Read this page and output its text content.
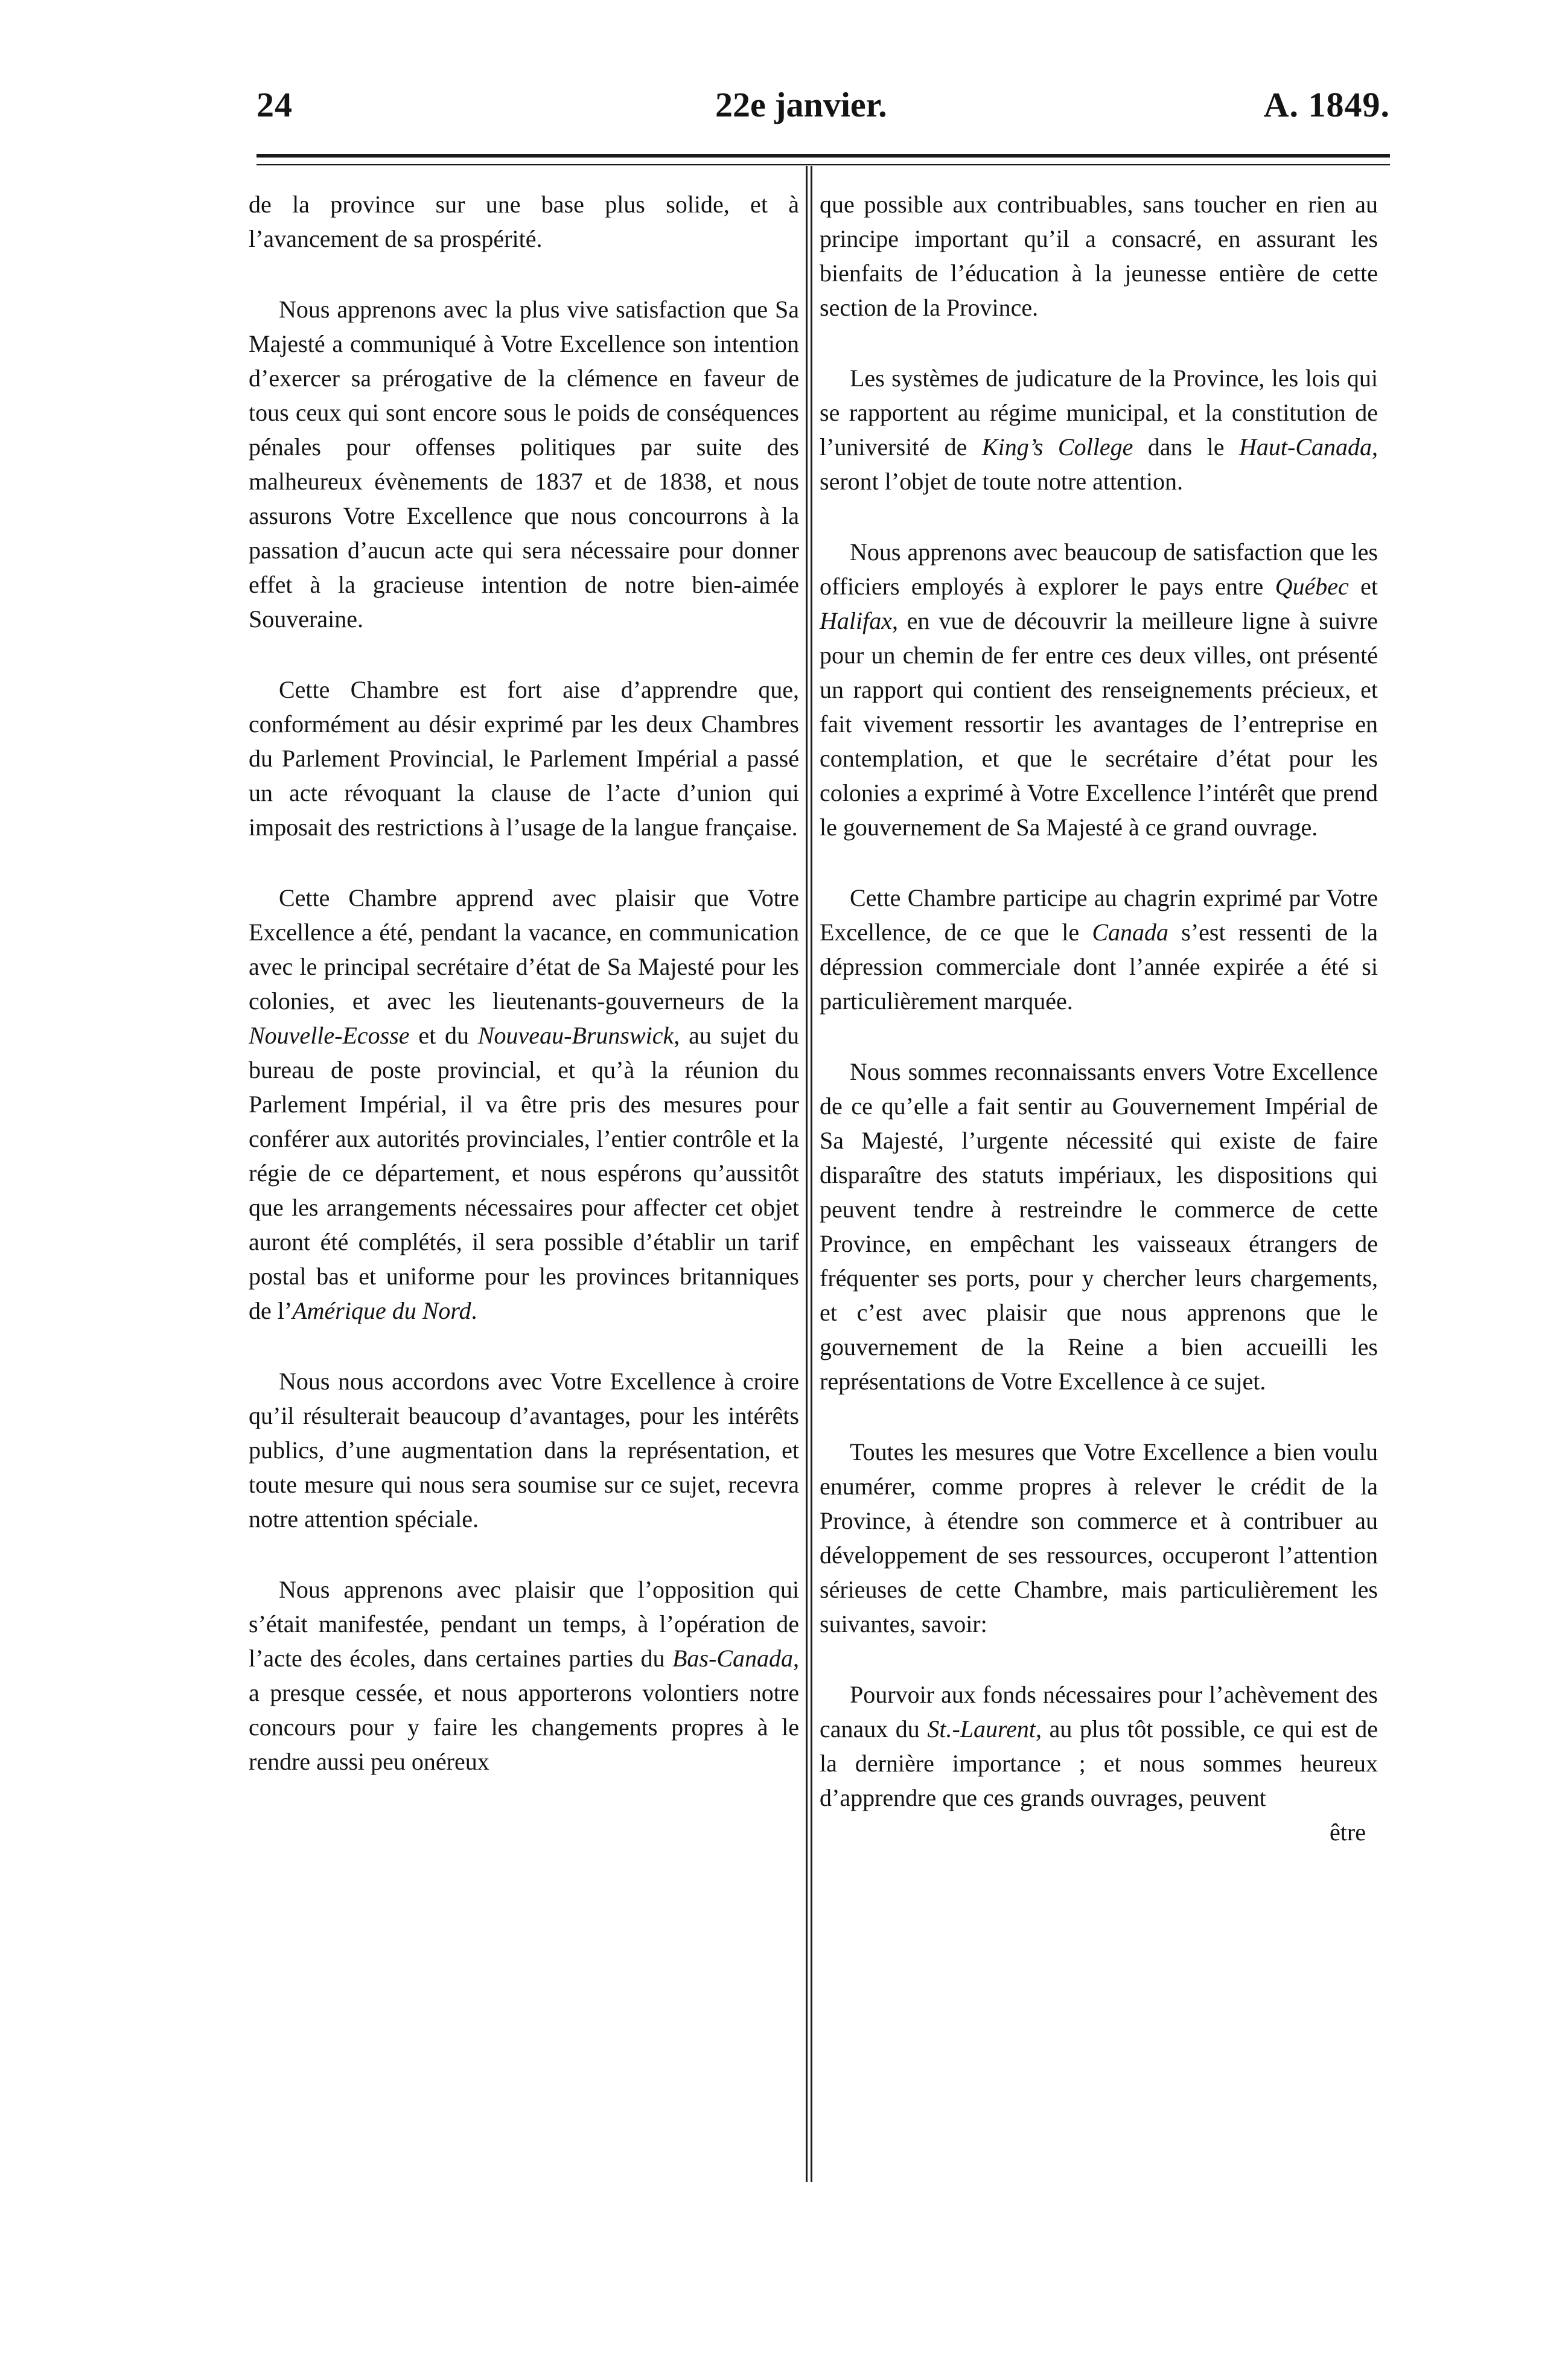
24	22e janvier.	A. 1849.

de la province sur une base plus solide, et à l’avancement de sa prospérité.

Nous apprenons avec la plus vive satisfaction que Sa Majesté a communiqué à Votre Excellence son intention d’exercer sa prérogative de la clémence en faveur de tous ceux qui sont encore sous le poids de conséquences pénales pour offenses politiques par suite des malheureux évènements de 1837 et de 1838, et nous assurons Votre Excellence que nous concourrons à la passation d’aucun acte qui sera nécessaire pour donner effet à la gracieuse intention de notre bien-aimée Souveraine.

Cette Chambre est fort aise d’apprendre que, conformément au désir exprimé par les deux Chambres du Parlement Provincial, le Parlement Impérial a passé un acte révoquant la clause de l’acte d’union qui imposait des restrictions à l’usage de la langue française.

Cette Chambre apprend avec plaisir que Votre Excellence a été, pendant la vacance, en communication avec le principal secrétaire d’état de Sa Majesté pour les colonies, et avec les lieutenants-gouverneurs de la Nouvelle-Ecosse et du Nouveau-Brunswick, au sujet du bureau de poste provincial, et qu’à la réunion du Parlement Impérial, il va être pris des mesures pour conférer aux autorités provinciales, l’entier contrôle et la régie de ce département, et nous espérons qu’aussitôt que les arrangements nécessaires pour affecter cet objet auront été complétés, il sera possible d’établir un tarif postal bas et uniforme pour les provinces britanniques de l’Amérique du Nord.

Nous nous accordons avec Votre Excellence à croire qu’il résulterait beaucoup d’avantages, pour les intérêts publics, d’une augmentation dans la représentation, et toute mesure qui nous sera soumise sur ce sujet, recevra notre attention spéciale.

Nous apprenons avec plaisir que l’opposition qui s’était manifestée, pendant un temps, à l’opération de l’acte des écoles, dans certaines parties du Bas-Canada, a presque cessée, et nous apporterons volontiers notre concours pour y faire les changements propres à le rendre aussi peu onéreux

que possible aux contribuables, sans toucher en rien au principe important qu’il a consacré, en assurant les bienfaits de l’éducation à la jeunesse entière de cette section de la Province.

Les systèmes de judicature de la Province, les lois qui se rapportent au régime municipal, et la constitution de l’université de King’s College dans le Haut-Canada, seront l’objet de toute notre attention.

Nous apprenons avec beaucoup de satisfaction que les officiers employés à explorer le pays entre Québec et Halifax, en vue de découvrir la meilleure ligne à suivre pour un chemin de fer entre ces deux villes, ont présenté un rapport qui contient des renseignements précieux, et fait vivement ressortir les avantages de l’entreprise en contemplation, et que le secrétaire d’état pour les colonies a exprimé à Votre Excellence l’intérêt que prend le gouvernement de Sa Majesté à ce grand ouvrage.

Cette Chambre participe au chagrin exprimé par Votre Excellence, de ce que le Canada s’est ressenti de la dépression commerciale dont l’année expirée a été si particulièrement marquée.

Nous sommes reconnaissants envers Votre Excellence de ce qu’elle a fait sentir au Gouvernement Impérial de Sa Majesté, l’urgente nécessité qui existe de faire disparaître des statuts impériaux, les dispositions qui peuvent tendre à restreindre le commerce de cette Province, en empêchant les vaisseaux étrangers de fréquenter ses ports, pour y chercher leurs chargements, et c’est avec plaisir que nous apprenons que le gouvernement de la Reine a bien accueilli les représentations de Votre Excellence à ce sujet.

Toutes les mesures que Votre Excellence a bien voulu enumérer, comme propres à relever le crédit de la Province, à étendre son commerce et à contribuer au développement de ses ressources, occuperont l’attention sérieuses de cette Chambre, mais particulièrement les suivantes, savoir:

Pourvoir aux fonds nécessaires pour l’achèvement des canaux du St.-Laurent, au plus tôt possible, ce qui est de la dernière importance ; et nous sommes heureux d’apprendre que ces grands ouvrages, peuvent

être
